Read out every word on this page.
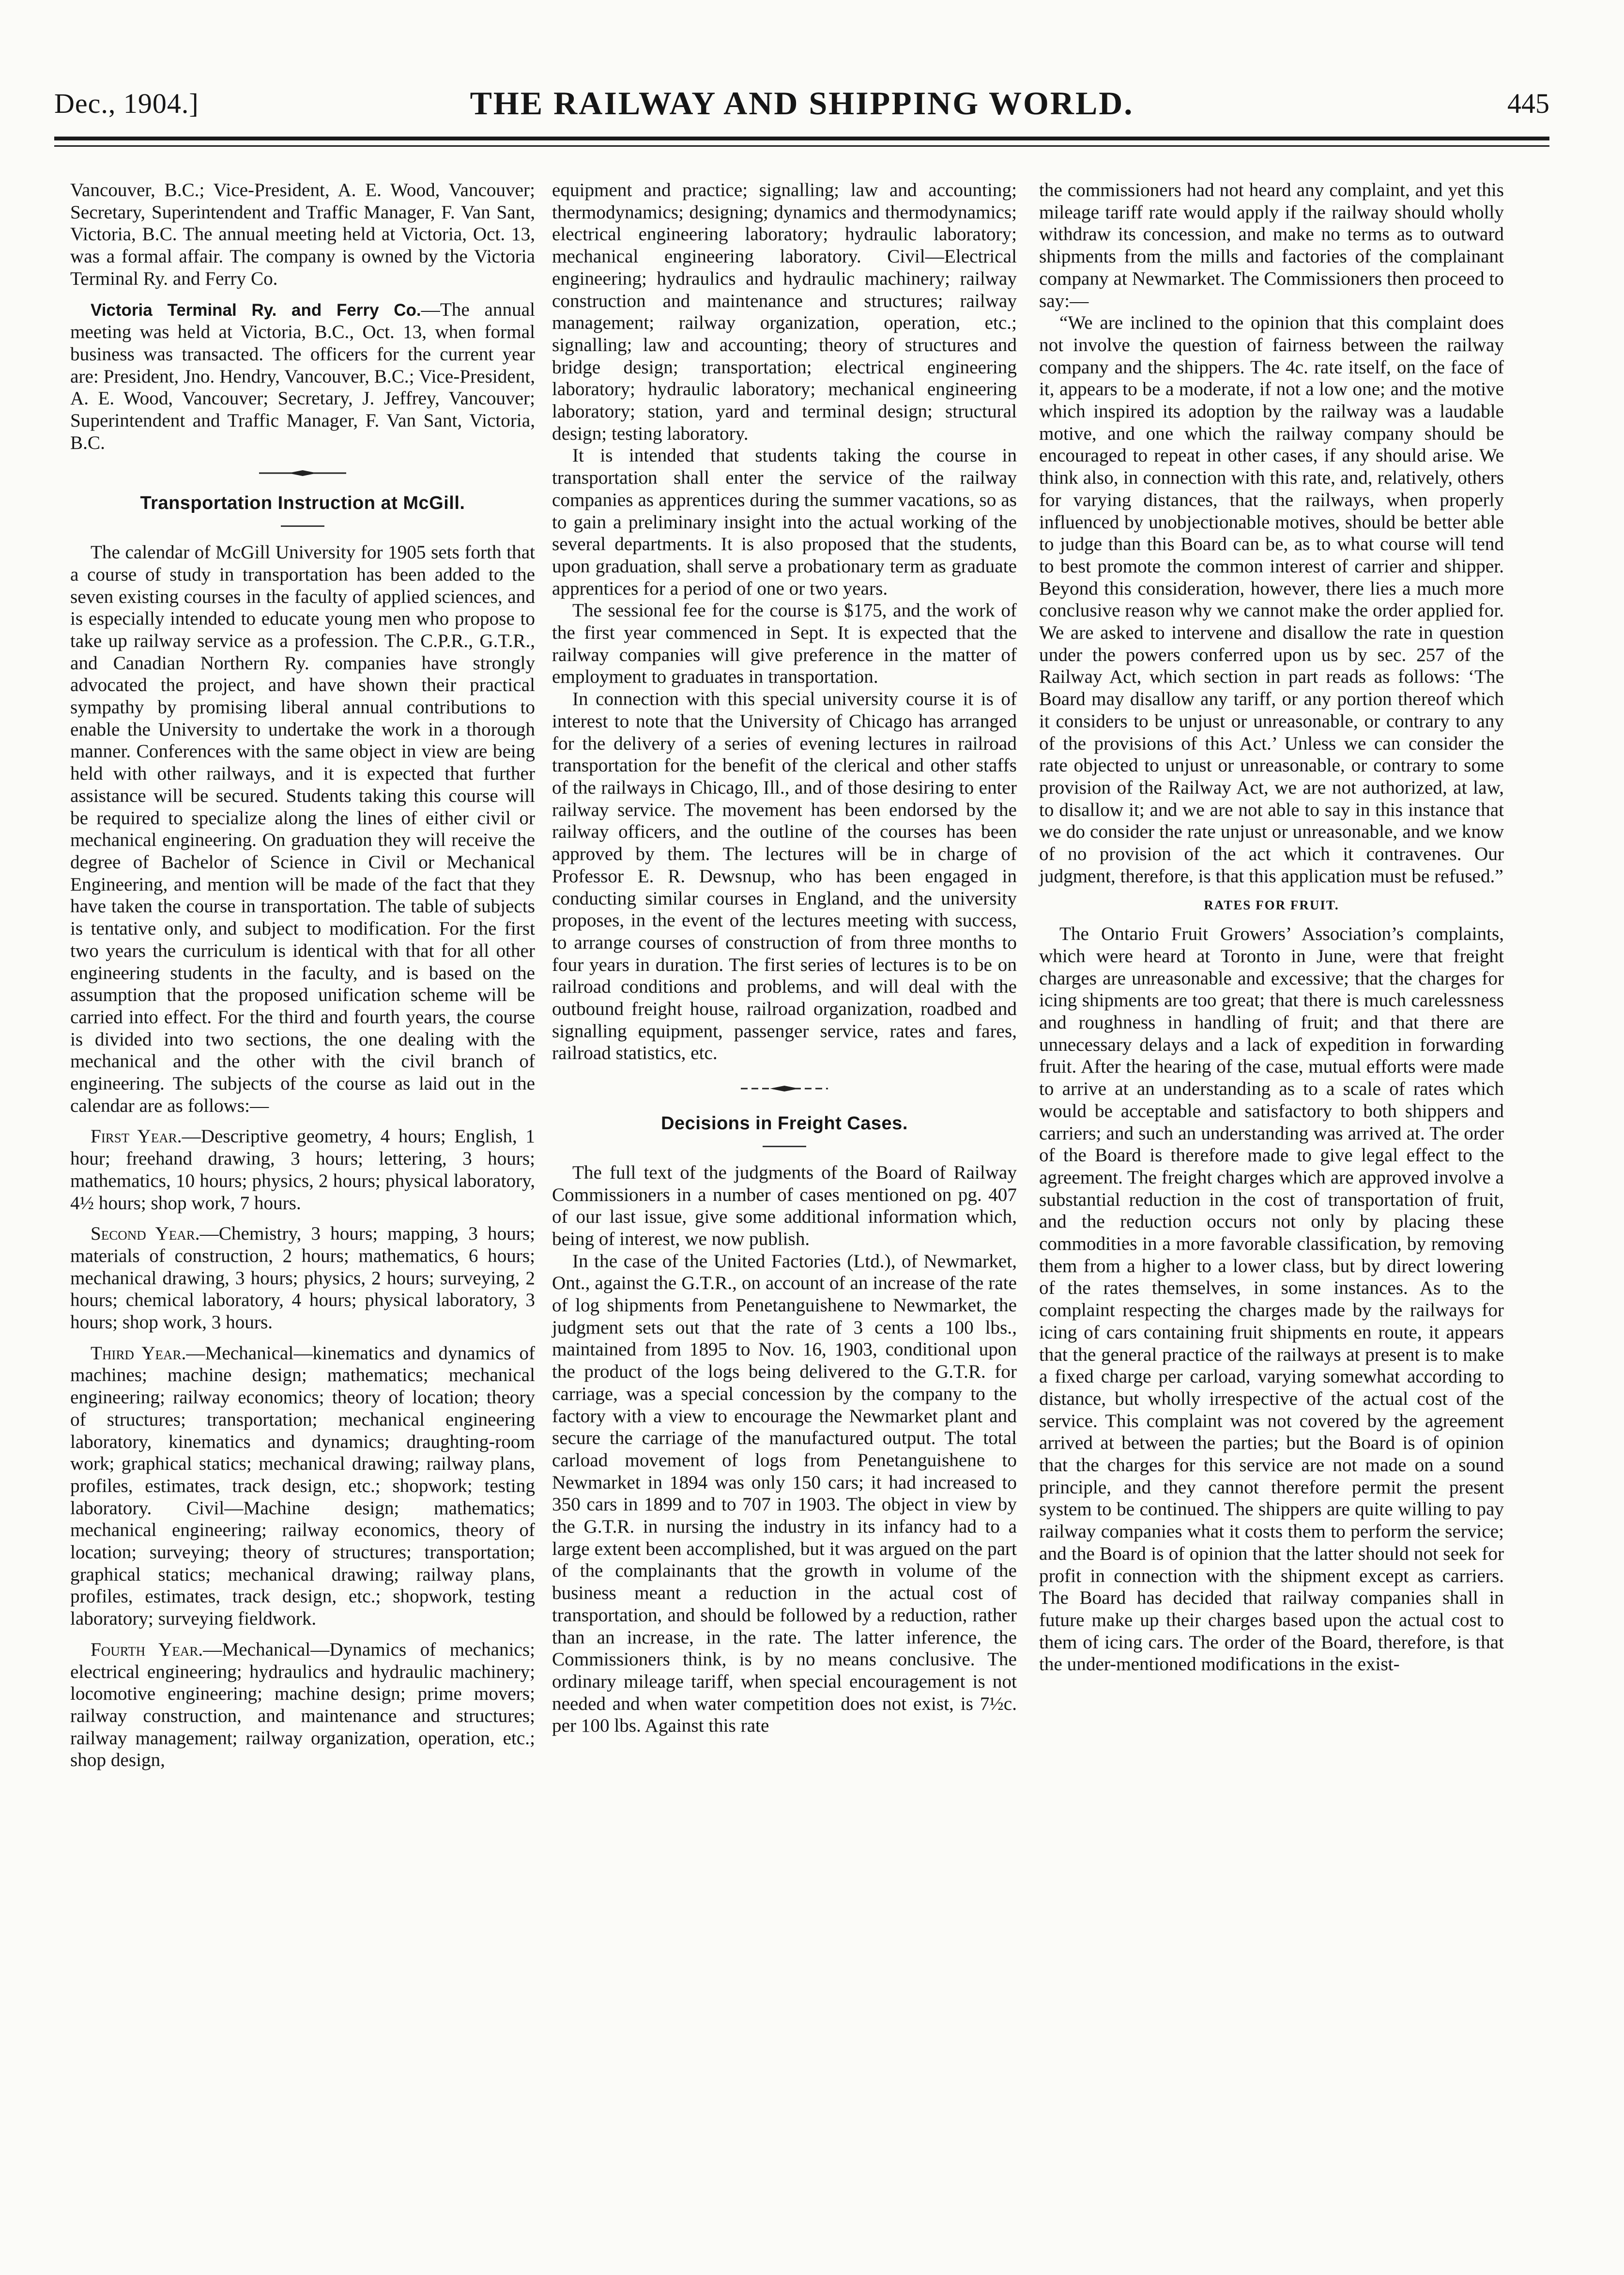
Dec., 1904.]	THE RAILWAY AND SHIPPING WORLD.	445

Vancouver, B.C.; Vice-President, A. E. Wood, Vancouver; Secretary, Superintendent and Traffic Manager, F. Van Sant, Victoria, B.C. The annual meeting held at Victoria, Oct. 13, was a formal affair. The company is owned by the Victoria Terminal Ry. and Ferry Co.

Victoria Terminal Ry. and Ferry Co.—The annual meeting was held at Victoria, B.C., Oct. 13, when formal business was transacted. The officers for the current year are: President, Jno. Hendry, Vancouver, B.C.; Vice-President, A. E. Wood, Vancouver; Secretary, J. Jeffrey, Vancouver; Superintendent and Traffic Manager, F. Van Sant, Victoria, B.C.

Transportation Instruction at McGill.

The calendar of McGill University for 1905 sets forth that a course of study in transportation has been added to the seven existing courses in the faculty of applied sciences, and is especially intended to educate young men who propose to take up railway service as a profession. The C.P.R., G.T.R., and Canadian Northern Ry. companies have strongly advocated the project, and have shown their practical sympathy by promising liberal annual contributions to enable the University to undertake the work in a thorough manner. Conferences with the same object in view are being held with other railways, and it is expected that further assistance will be secured. Students taking this course will be required to specialize along the lines of either civil or mechanical engineering. On graduation they will receive the degree of Bachelor of Science in Civil or Mechanical Engineering, and mention will be made of the fact that they have taken the course in transportation. The table of subjects is tentative only, and subject to modification. For the first two years the curriculum is identical with that for all other engineering students in the faculty, and is based on the assumption that the proposed unification scheme will be carried into effect. For the third and fourth years, the course is divided into two sections, the one dealing with the mechanical and the other with the civil branch of engineering. The subjects of the course as laid out in the calendar are as follows:—

First Year.—Descriptive geometry, 4 hours; English, 1 hour; freehand drawing, 3 hours; lettering, 3 hours; mathematics, 10 hours; physics, 2 hours; physical laboratory, 4½ hours; shop work, 7 hours.

Second Year.—Chemistry, 3 hours; mapping, 3 hours; materials of construction, 2 hours; mathematics, 6 hours; mechanical drawing, 3 hours; physics, 2 hours; surveying, 2 hours; chemical laboratory, 4 hours; physical laboratory, 3 hours; shop work, 3 hours.

Third Year.—Mechanical—kinematics and dynamics of machines; machine design; mathematics; mechanical engineering; railway economics; theory of location; theory of structures; transportation; mechanical engineering laboratory, kinematics and dynamics; draughting-room work; graphical statics; mechanical drawing; railway plans, profiles, estimates, track design, etc.; shopwork; testing laboratory. Civil—Machine design; mathematics; mechanical engineering; railway economics, theory of location; surveying; theory of structures; transportation; graphical statics; mechanical drawing; railway plans, profiles, estimates, track design, etc.; shopwork, testing laboratory; surveying fieldwork.

Fourth Year.—Mechanical—Dynamics of mechanics; electrical engineering; hydraulics and hydraulic machinery; locomotive engineering; machine design; prime movers; railway construction, and maintenance and structures; railway management; railway organization, operation, etc.; shop design,

equipment and practice; signalling; law and accounting; thermodynamics; designing; dynamics and thermodynamics; electrical engineering laboratory; hydraulic laboratory; mechanical engineering laboratory. Civil—Electrical engineering; hydraulics and hydraulic machinery; railway construction and maintenance and structures; railway management; railway organization, operation, etc.; signalling; law and accounting; theory of structures and bridge design; transportation; electrical engineering laboratory; hydraulic laboratory; mechanical engineering laboratory; station, yard and terminal design; structural design; testing laboratory.

It is intended that students taking the course in transportation shall enter the service of the railway companies as apprentices during the summer vacations, so as to gain a preliminary insight into the actual working of the several departments. It is also proposed that the students, upon graduation, shall serve a probationary term as graduate apprentices for a period of one or two years.

The sessional fee for the course is $175, and the work of the first year commenced in Sept. It is expected that the railway companies will give preference in the matter of employment to graduates in transportation.

In connection with this special university course it is of interest to note that the University of Chicago has arranged for the delivery of a series of evening lectures in railroad transportation for the benefit of the clerical and other staffs of the railways in Chicago, Ill., and of those desiring to enter railway service. The movement has been endorsed by the railway officers, and the outline of the courses has been approved by them. The lectures will be in charge of Professor E. R. Dewsnup, who has been engaged in conducting similar courses in England, and the university proposes, in the event of the lectures meeting with success, to arrange courses of construction of from three months to four years in duration. The first series of lectures is to be on railroad conditions and problems, and will deal with the outbound freight house, railroad organization, roadbed and signalling equipment, passenger service, rates and fares, railroad statistics, etc.

Decisions in Freight Cases.

The full text of the judgments of the Board of Railway Commissioners in a number of cases mentioned on pg. 407 of our last issue, give some additional information which, being of interest, we now publish.

In the case of the United Factories (Ltd.), of Newmarket, Ont., against the G.T.R., on account of an increase of the rate of log shipments from Penetanguishene to Newmarket, the judgment sets out that the rate of 3 cents a 100 lbs., maintained from 1895 to Nov. 16, 1903, conditional upon the product of the logs being delivered to the G.T.R. for carriage, was a special concession by the company to the factory with a view to encourage the Newmarket plant and secure the carriage of the manufactured output. The total carload movement of logs from Penetanguishene to Newmarket in 1894 was only 150 cars; it had increased to 350 cars in 1899 and to 707 in 1903. The object in view by the G.T.R. in nursing the industry in its infancy had to a large extent been accomplished, but it was argued on the part of the complainants that the growth in volume of the business meant a reduction in the actual cost of transportation, and should be followed by a reduction, rather than an increase, in the rate. The latter inference, the Commissioners think, is by no means conclusive. The ordinary mileage tariff, when special encouragement is not needed and when water competition does not exist, is 7½c. per 100 lbs. Against this rate

the commissioners had not heard any complaint, and yet this mileage tariff rate would apply if the railway should wholly withdraw its concession, and make no terms as to outward shipments from the mills and factories of the complainant company at Newmarket. The Commissioners then proceed to say:—

“We are inclined to the opinion that this complaint does not involve the question of fairness between the railway company and the shippers. The 4c. rate itself, on the face of it, appears to be a moderate, if not a low one; and the motive which inspired its adoption by the railway was a laudable motive, and one which the railway company should be encouraged to repeat in other cases, if any should arise. We think also, in connection with this rate, and, relatively, others for varying distances, that the railways, when properly influenced by unobjectionable motives, should be better able to judge than this Board can be, as to what course will tend to best promote the common interest of carrier and shipper. Beyond this consideration, however, there lies a much more conclusive reason why we cannot make the order applied for. We are asked to intervene and disallow the rate in question under the powers conferred upon us by sec. 257 of the Railway Act, which section in part reads as follows: ‘The Board may disallow any tariff, or any portion thereof which it considers to be unjust or unreasonable, or contrary to any of the provisions of this Act.’ Unless we can consider the rate objected to unjust or unreasonable, or contrary to some provision of the Railway Act, we are not authorized, at law, to disallow it; and we are not able to say in this instance that we do consider the rate unjust or unreasonable, and we know of no provision of the act which it contravenes. Our judgment, therefore, is that this application must be refused.”

RATES FOR FRUIT.

The Ontario Fruit Growers’ Association’s complaints, which were heard at Toronto in June, were that freight charges are unreasonable and excessive; that the charges for icing shipments are too great; that there is much carelessness and roughness in handling of fruit; and that there are unnecessary delays and a lack of expedition in forwarding fruit. After the hearing of the case, mutual efforts were made to arrive at an understanding as to a scale of rates which would be acceptable and satisfactory to both shippers and carriers; and such an understanding was arrived at. The order of the Board is therefore made to give legal effect to the agreement. The freight charges which are approved involve a substantial reduction in the cost of transportation of fruit, and the reduction occurs not only by placing these commodities in a more favorable classification, by removing them from a higher to a lower class, but by direct lowering of the rates themselves, in some instances. As to the complaint respecting the charges made by the railways for icing of cars containing fruit shipments en route, it appears that the general practice of the railways at present is to make a fixed charge per carload, varying somewhat according to distance, but wholly irrespective of the actual cost of the service. This complaint was not covered by the agreement arrived at between the parties; but the Board is of opinion that the charges for this service are not made on a sound principle, and they cannot therefore permit the present system to be continued. The shippers are quite willing to pay railway companies what it costs them to perform the service; and the Board is of opinion that the latter should not seek for profit in connection with the shipment except as carriers. The Board has decided that railway companies shall in future make up their charges based upon the actual cost to them of icing cars. The order of the Board, therefore, is that the under-mentioned modifications in the exist-
